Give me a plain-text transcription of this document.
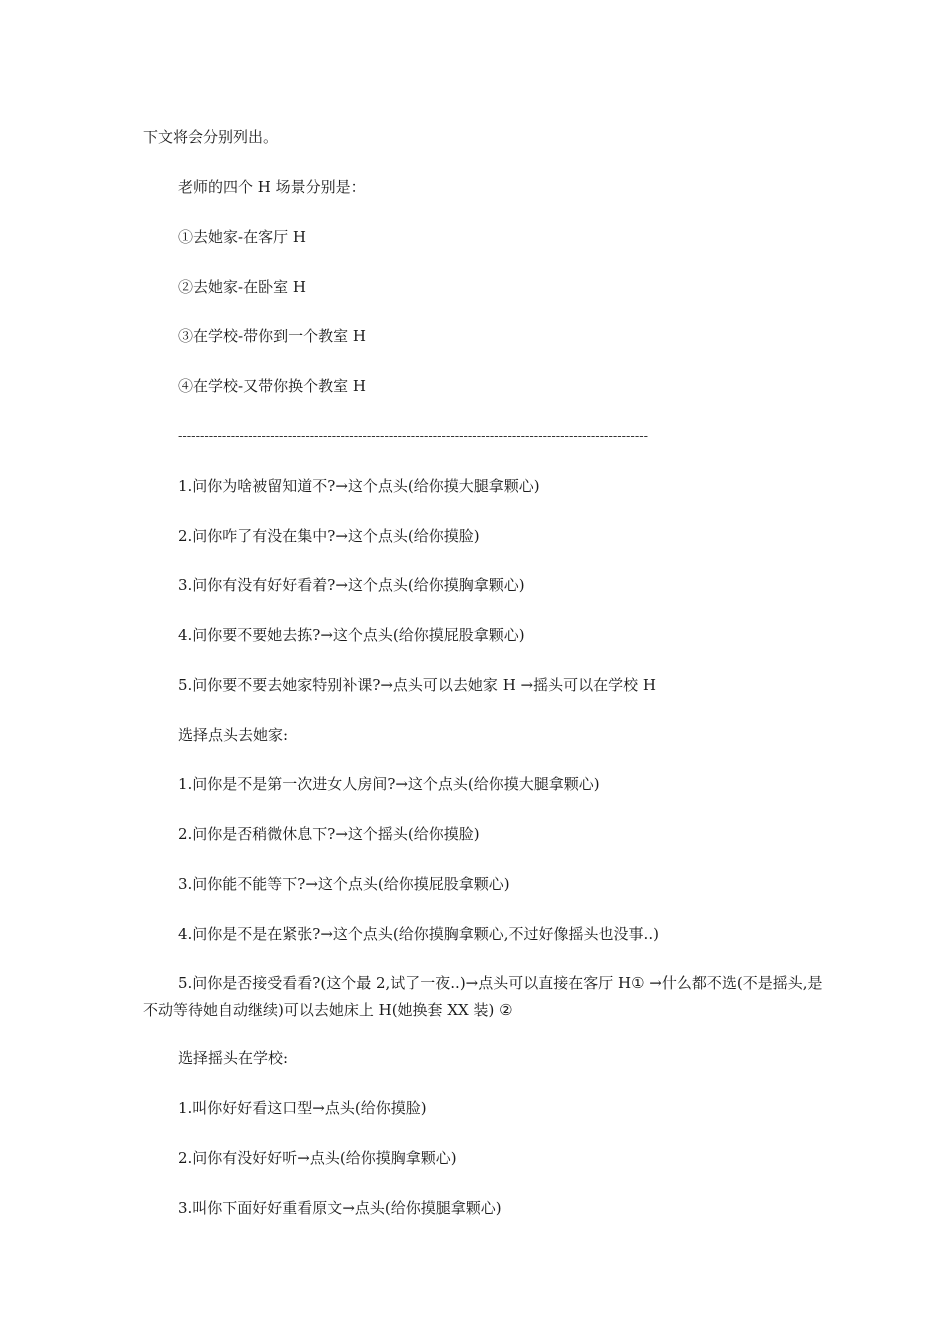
下文将会分别列出。
老师的四个 H 场景分别是：
①去她家-在客厅 H
②去她家-在卧室 H
③在学校-带你到一个教室 H
④在学校-又带你换个教室 H
-----------------------------------------------------------------------------------------------------------
1.问你为啥被留知道不?→这个点头(给你摸大腿拿颗心)
2.问你咋了有没在集中?→这个点头(给你摸脸)
3.问你有没有好好看着?→这个点头(给你摸胸拿颗心)
4.问你要不要她去拣?→这个点头(给你摸屁股拿颗心)
5.问你要不要去她家特别补课?→点头可以去她家 H →摇头可以在学校 H
选择点头去她家:
1.问你是不是第一次进女人房间?→这个点头(给你摸大腿拿颗心)
2.问你是否稍微休息下?→这个摇头(给你摸脸)
3.问你能不能等下?→这个点头(给你摸屁股拿颗心)
4.问你是不是在紧张?→这个点头(给你摸胸拿颗心,不过好像摇头也没事..)
5.问你是否接受看看?(这个最 2,试了一夜..)→点头可以直接在客厅 H① →什么都不选(不是摇头,是不动等待她自动继续)可以去她床上 H(她换套 XX 装) ②
选择摇头在学校:
1.叫你好好看这口型→点头(给你摸脸)
2.问你有没好好听→点头(给你摸胸拿颗心)
3.叫你下面好好重看原文→点头(给你摸腿拿颗心)
